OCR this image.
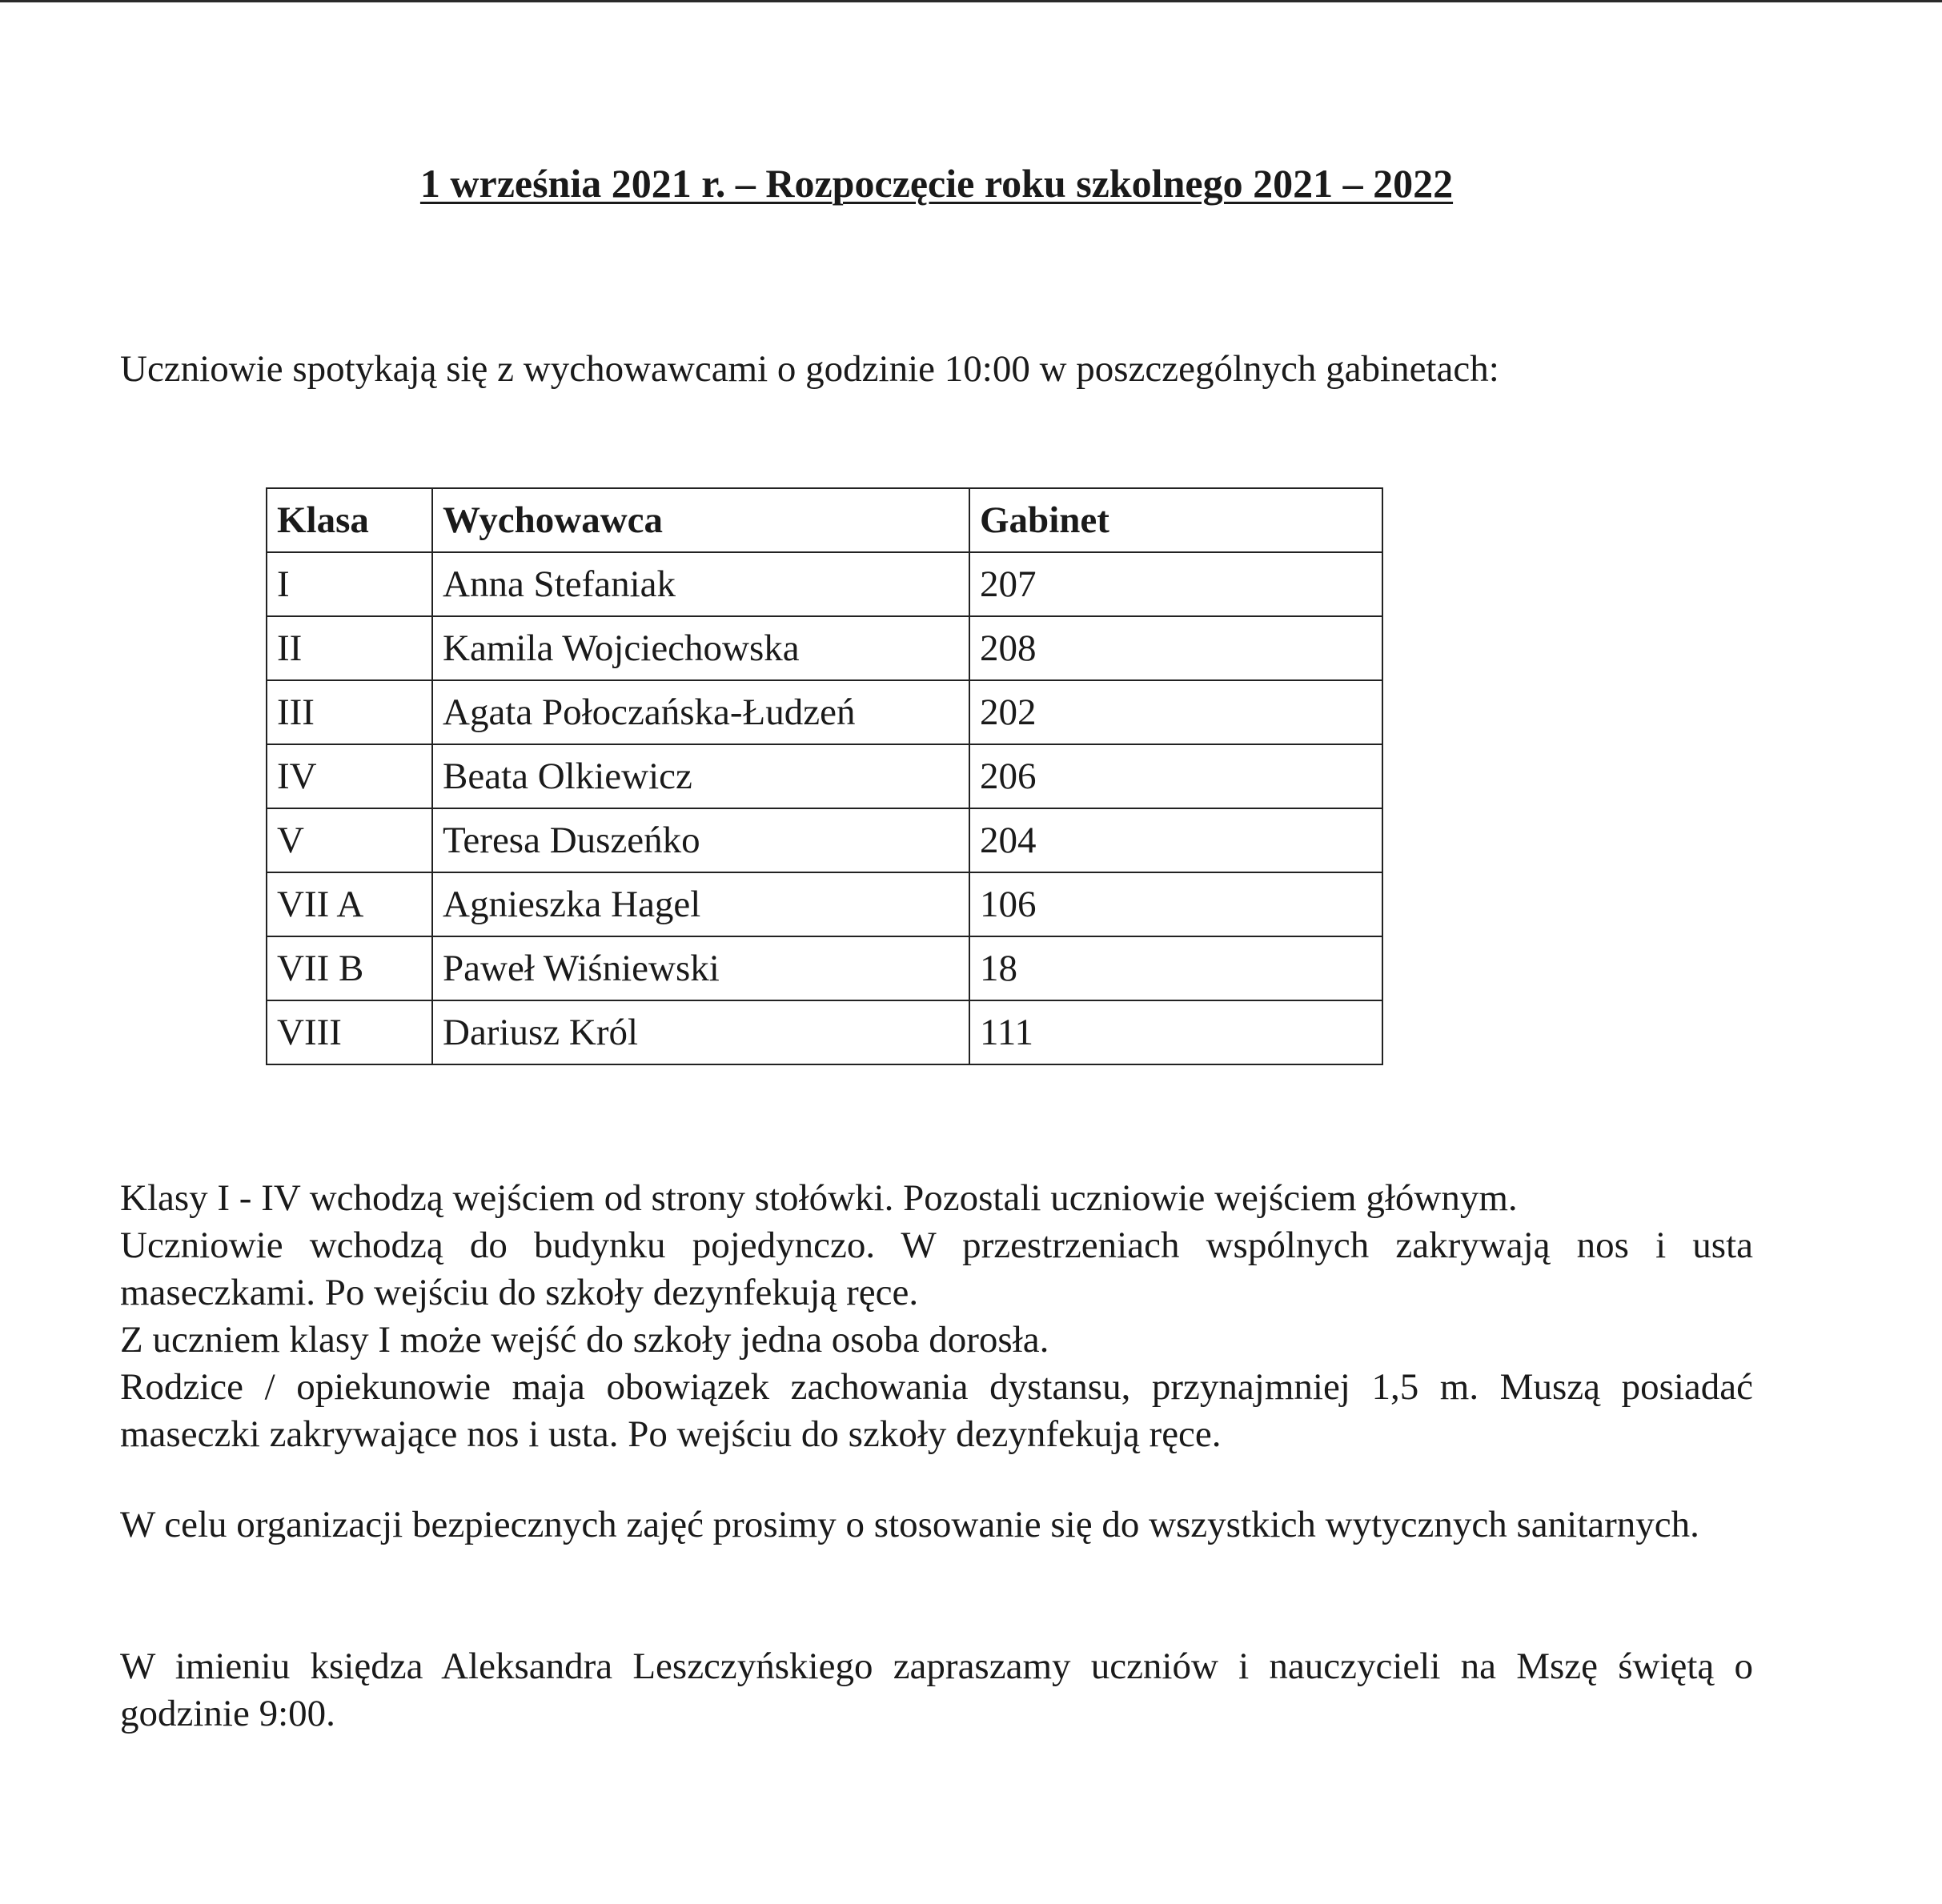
1 września 2021 r. – Rozpoczęcie roku szkolnego 2021 – 2022
Uczniowie spotykają się z wychowawcami o godzinie 10:00 w poszczególnych gabinetach:
Klasa	Wychowawca	Gabinet
I	Anna Stefaniak	207
II	Kamila Wojciechowska	208
III	Agata Połoczańska-Łudzeń	202
IV	Beata Olkiewicz	206
V	Teresa Duszeńko	204
VII A	Agnieszka Hagel	106
VII B	Paweł Wiśniewski	18
VIII	Dariusz Król	111

Klasy I - IV wchodzą wejściem od strony stołówki. Pozostali uczniowie wejściem głównym.

Uczniowie wchodzą do budynku pojedynczo. W przestrzeniach wspólnych zakrywają nos i usta maseczkami. Po wejściu do szkoły dezynfekują ręce.

Z uczniem klasy I może wejść do szkoły jedna osoba dorosła.

Rodzice / opiekunowie maja obowiązek zachowania dystansu, przynajmniej 1,5 m. Muszą posiadać maseczki zakrywające nos i usta. Po wejściu do szkoły dezynfekują ręce.

W celu organizacji bezpiecznych zajęć prosimy o stosowanie się do wszystkich wytycznych sanitarnych.

W imieniu księdza Aleksandra Leszczyńskiego zapraszamy uczniów i nauczycieli na Mszę świętą o godzinie 9:00.
